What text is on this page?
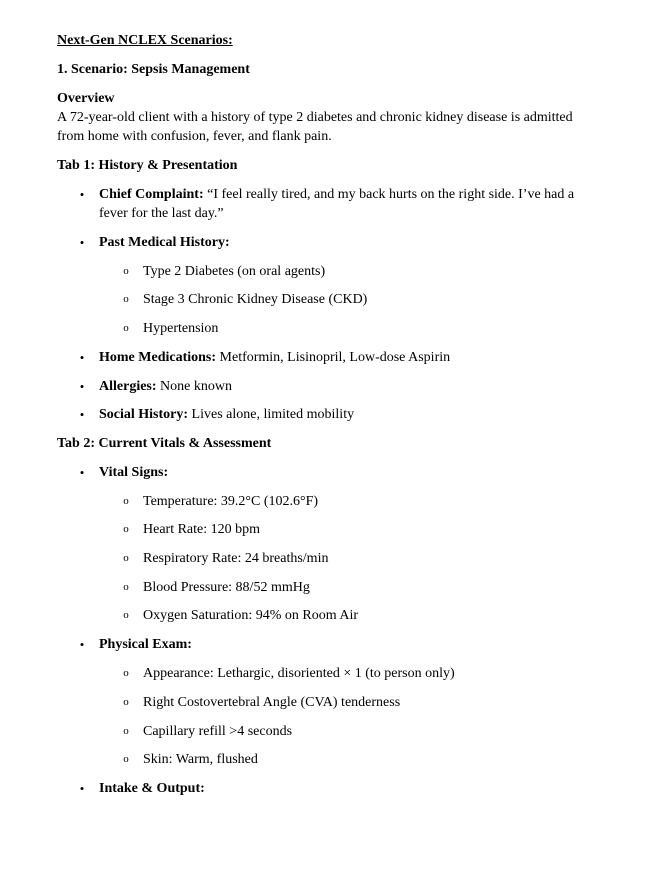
Next-Gen NCLEX Scenarios:
1. Scenario: Sepsis Management
Overview
A 72-year-old client with a history of type 2 diabetes and chronic kidney disease is admitted
from home with confusion, fever, and flank pain.
Tab 1: History & Presentation
• Chief Complaint: “I feel really tired, and my back hurts on the right side. I’ve had a
fever for the last day.”
• Past Medical History:
o Type 2 Diabetes (on oral agents)
o Stage 3 Chronic Kidney Disease (CKD)
o Hypertension
• Home Medications: Metformin, Lisinopril, Low-dose Aspirin
• Allergies: None known
• Social History: Lives alone, limited mobility
Tab 2: Current Vitals & Assessment
• Vital Signs:
o Temperature: 39.2°C (102.6°F)
o Heart Rate: 120 bpm
o Respiratory Rate: 24 breaths/min
o Blood Pressure: 88/52 mmHg
o Oxygen Saturation: 94% on Room Air
• Physical Exam:
o Appearance: Lethargic, disoriented × 1 (to person only)
o Right Costovertebral Angle (CVA) tenderness
o Capillary refill >4 seconds
o Skin: Warm, flushed
• Intake & Output:
